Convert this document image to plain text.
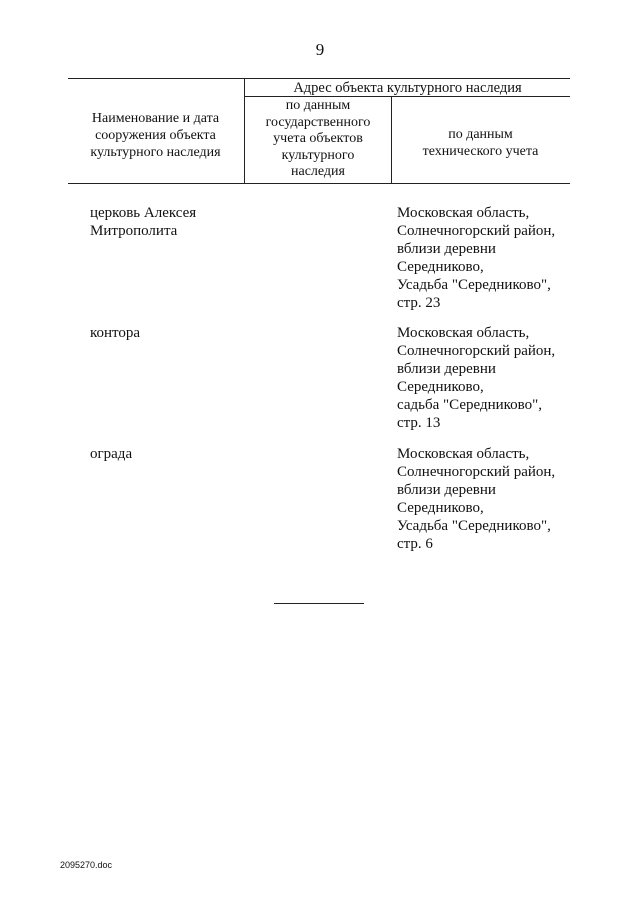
9
Адрес объекта культурного наследия
Наименование и дата
сооружения объекта
культурного наследия
по данным
государственного
учета объектов
культурного
наследия
по данным
технического учета
церковь Алексея
Митрополита
Московская область,
Солнечногорский район,
вблизи деревни
Середниково,
Усадьба "Середниково",
стр. 23
контора	Московская область,
Солнечногорский район,
вблизи деревни
Середниково,
садьба "Середниково",
стр. 13
ограда	Московская область,
Солнечногорский район,
вблизи деревни
Середниково,
Усадьба "Середниково",
стр. 6
2095270.doc
